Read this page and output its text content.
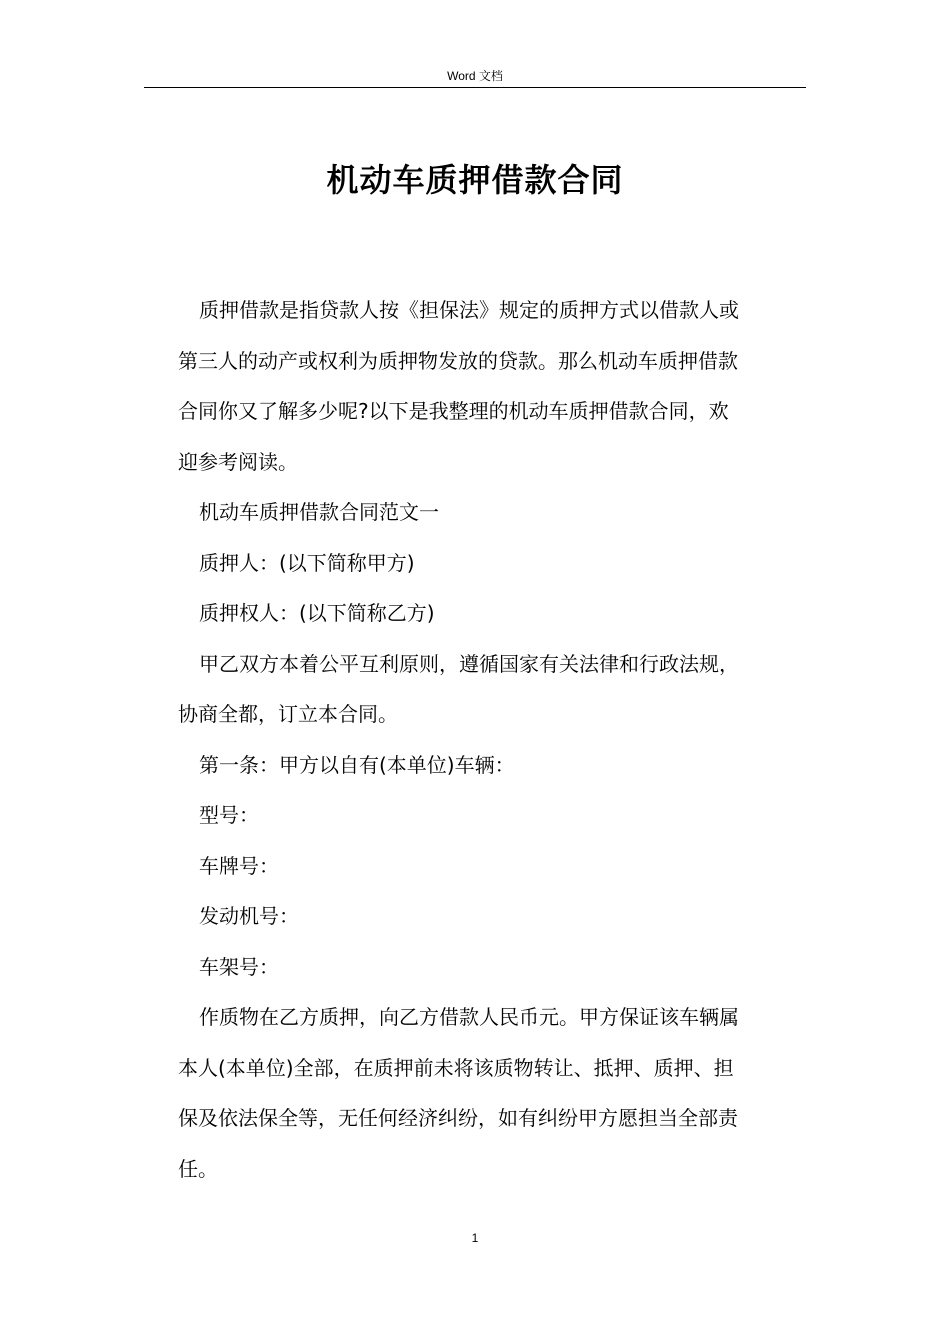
Word 文档
机动车质押借款合同
质押借款是指贷款人按《担保法》规定的质押方式以借款人或
第三人的动产或权利为质押物发放的贷款。那么机动车质押借款
合同你又了解多少呢?以下是我整理的机动车质押借款合同，欢
迎参考阅读。
机动车质押借款合同范文一
质押人：(以下简称甲方)
质押权人：(以下简称乙方)
甲乙双方本着公平互利原则，遵循国家有关法律和行政法规，
协商全都，订立本合同。
第一条：甲方以自有(本单位)车辆：
型号：
车牌号：
发动机号：
车架号：
作质物在乙方质押，向乙方借款人民币元。甲方保证该车辆属
本人(本单位)全部，在质押前未将该质物转让、抵押、质押、担
保及依法保全等，无任何经济纠纷，如有纠纷甲方愿担当全部责
任。
1
